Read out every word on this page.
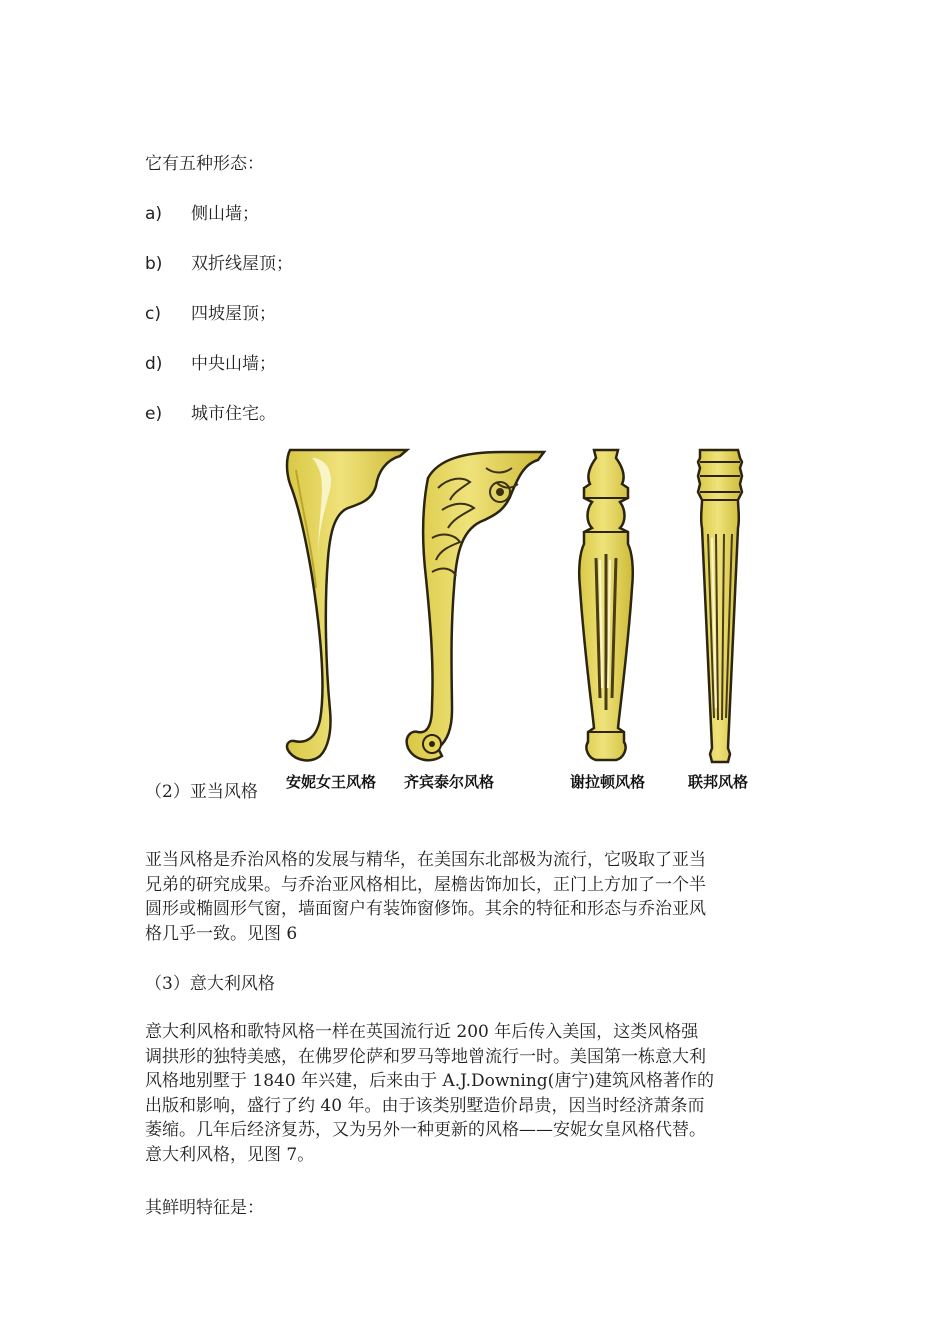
它有五种形态：
a) 侧山墙；
b) 双折线屋顶；
c) 四坡屋顶；
d) 中央山墙；
e) 城市住宅。
安妮女王风格 齐宾泰尔风格	谢拉顿风格	联邦风格
（2）亚当风格
亚当风格是乔治风格的发展与精华，在美国东北部极为流行，它吸取了亚当
兄弟的研究成果。与乔治亚风格相比，屋檐齿饰加长，正门上方加了一个半
圆形或椭圆形气窗，墙面窗户有装饰窗修饰。其余的特征和形态与乔治亚风
格几乎一致。见图 6
（3）意大利风格
意大利风格和歌特风格一样在英国流行近 200 年后传入美国，这类风格强
调拱形的独特美感，在佛罗伦萨和罗马等地曾流行一时。美国第一栋意大利
风格地别墅于 1840 年兴建，后来由于 A.J.Downing(唐宁)建筑风格著作的
出版和影响，盛行了约 40 年。由于该类别墅造价昂贵，因当时经济萧条而
萎缩。几年后经济复苏，又为另外一种更新的风格——安妮女皇风格代替。
意大利风格，见图 7。
其鲜明特征是：
